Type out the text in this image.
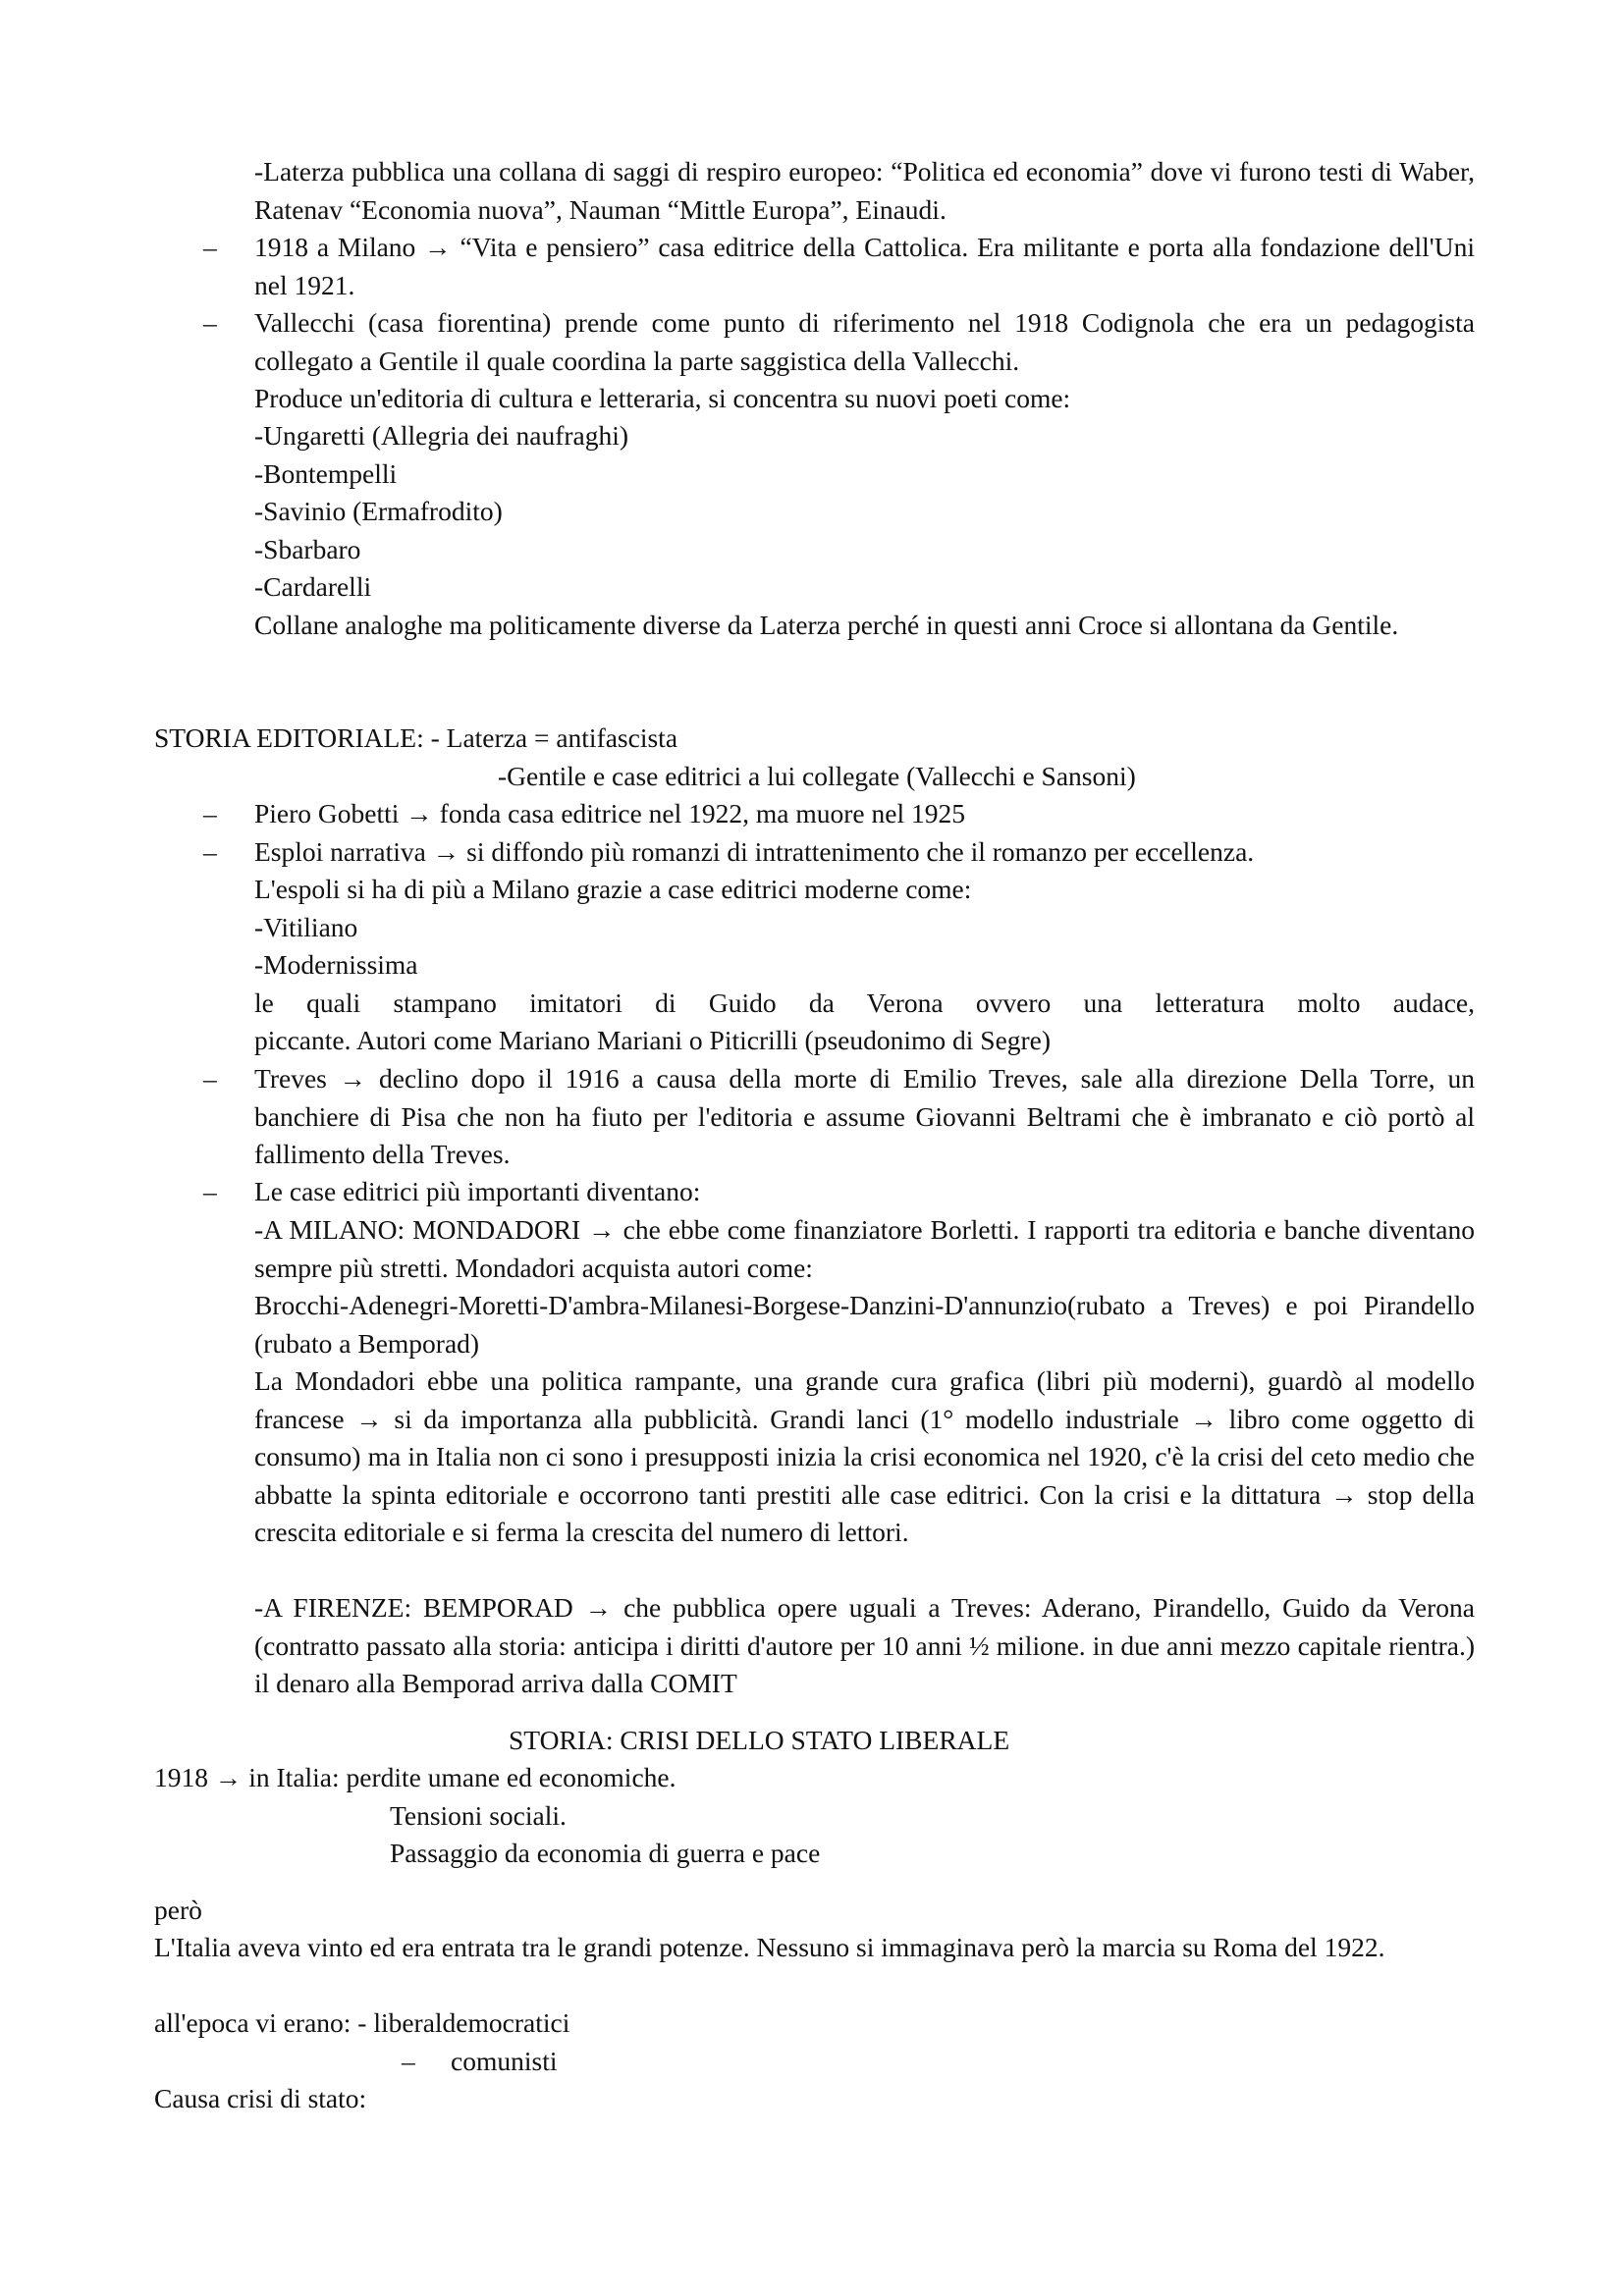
-Laterza pubblica una collana di saggi di respiro europeo: “Politica ed economia” dove vi furono testi di Waber, Ratenav “Economia nuova”, Nauman “Mittle Europa”, Einaudi.
– 1918 a Milano → “Vita e pensiero” casa editrice della Cattolica. Era militante e porta alla fondazione dell'Uni nel 1921.
– Vallecchi (casa fiorentina) prende come punto di riferimento nel 1918 Codignola che era un pedagogista collegato a Gentile il quale coordina la parte saggistica della Vallecchi.
Produce un'editoria di cultura e letteraria, si concentra su nuovi poeti come:
-Ungaretti (Allegria dei naufraghi)
-Bontempelli
-Savinio (Ermafrodito)
-Sbarbaro
-Cardarelli
Collane analoghe ma politicamente diverse da Laterza perché in questi anni Croce si allontana da Gentile.
STORIA EDITORIALE: - Laterza = antifascista
-Gentile e case editrici a lui collegate (Vallecchi e Sansoni)
– Piero Gobetti → fonda casa editrice nel 1922, ma muore nel 1925
– Esploi narrativa → si diffondo più romanzi di intrattenimento che il romanzo per eccellenza.
L'espoli si ha di più a Milano grazie a case editrici moderne come:
-Vitiliano
-Modernissima
le quali stampano imitatori di Guido da Verona ovvero una letteratura molto audace,
piccante. Autori come Mariano Mariani o Piticrilli (pseudonimo di Segre)
– Treves → declino dopo il 1916 a causa della morte di Emilio Treves, sale alla direzione Della Torre, un banchiere di Pisa che non ha fiuto per l'editoria e assume Giovanni Beltrami che è imbranato e ciò portò al fallimento della Treves.
– Le case editrici più importanti diventano:
-A MILANO: MONDADORI → che ebbe come finanziatore Borletti. I rapporti tra editoria e banche diventano sempre più stretti. Mondadori acquista autori come:
Brocchi-Adenegri-Moretti-D'ambra-Milanesi-Borgese-Danzini-D'annunzio(rubato a Treves) e poi Pirandello (rubato a Bemporad)
La Mondadori ebbe una politica rampante, una grande cura grafica (libri più moderni), guardò al modello francese → si da importanza alla pubblicità. Grandi lanci (1° modello industriale → libro come oggetto di consumo) ma in Italia non ci sono i presupposti inizia la crisi economica nel 1920, c'è la crisi del ceto medio che abbatte la spinta editoriale e occorrono tanti prestiti alle case editrici. Con la crisi e la dittatura → stop della crescita editoriale e si ferma la crescita del numero di lettori.
-A FIRENZE: BEMPORAD → che pubblica opere uguali a Treves: Aderano, Pirandello, Guido da Verona (contratto passato alla storia: anticipa i diritti d'autore per 10 anni ½ milione. in due anni mezzo capitale rientra.) il denaro alla Bemporad arriva dalla COMIT
STORIA: CRISI DELLO STATO LIBERALE
1918 → in Italia: perdite umane ed economiche.
Tensioni sociali.
Passaggio da economia di guerra e pace
però
L'Italia aveva vinto ed era entrata tra le grandi potenze. Nessuno si immaginava però la marcia su Roma del 1922.
all'epoca vi erano: - liberaldemocratici
– comunisti
Causa crisi di stato:
